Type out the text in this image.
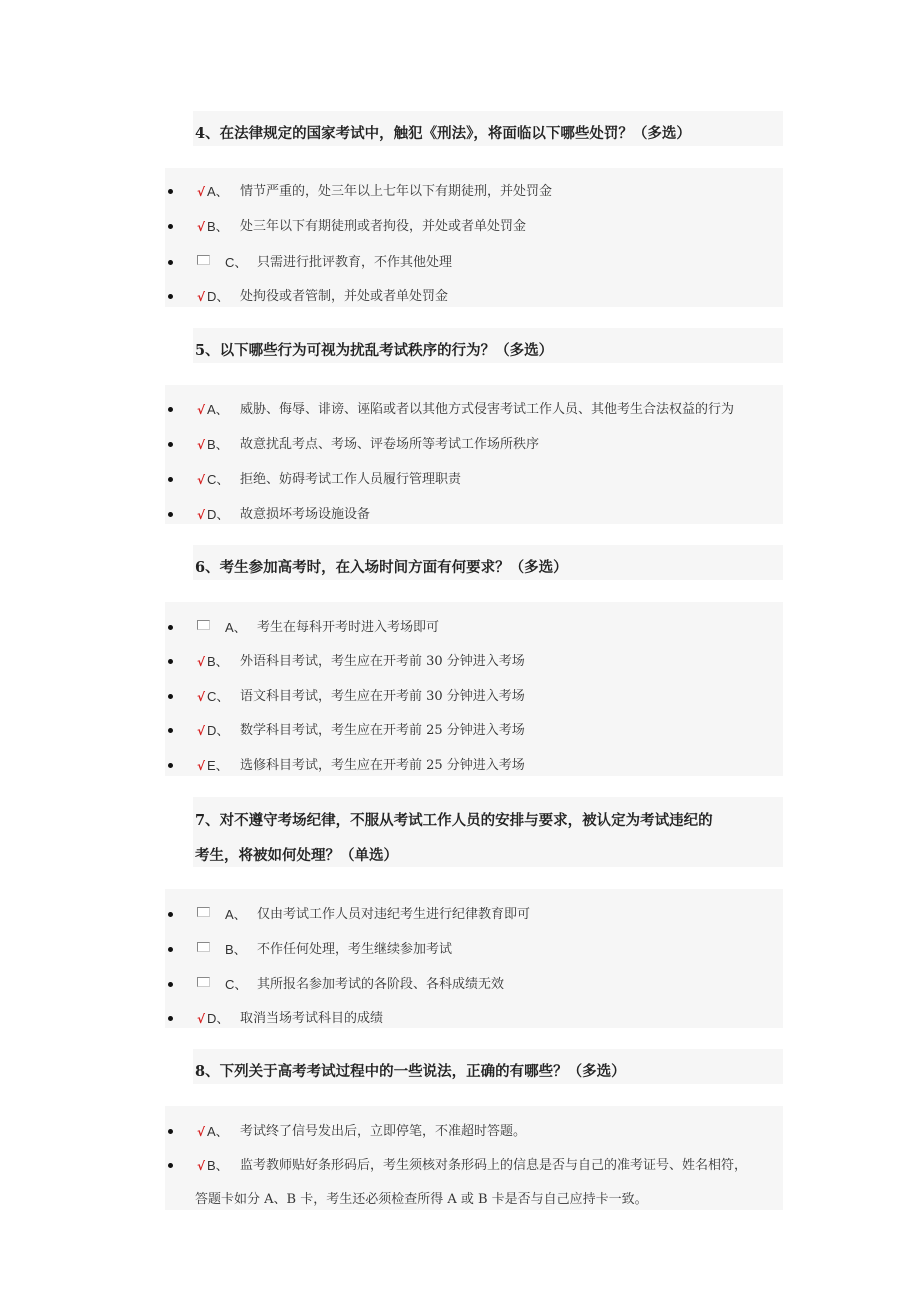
4、在法律规定的国家考试中，触犯《刑法》，将面临以下哪些处罚？（多选）
√ A、 情节严重的，处三年以上七年以下有期徒刑，并处罚金
√ B、 处三年以下有期徒刑或者拘役，并处或者单处罚金
C、 只需进行批评教育，不作其他处理
√ D、 处拘役或者管制，并处或者单处罚金
5、以下哪些行为可视为扰乱考试秩序的行为？（多选）
√ A、 威胁、侮辱、诽谤、诬陷或者以其他方式侵害考试工作人员、其他考生合法权益的行为
√ B、 故意扰乱考点、考场、评卷场所等考试工作场所秩序
√ C、 拒绝、妨碍考试工作人员履行管理职责
√ D、 故意损坏考场设施设备
6、考生参加高考时，在入场时间方面有何要求？（多选）
A、 考生在每科开考时进入考场即可
√ B、 外语科目考试，考生应在开考前 30 分钟进入考场
√ C、 语文科目考试，考生应在开考前 30 分钟进入考场
√ D、 数学科目考试，考生应在开考前 25 分钟进入考场
√ E、 选修科目考试，考生应在开考前 25 分钟进入考场
7、对不遵守考场纪律，不服从考试工作人员的安排与要求，被认定为考试违纪的
考生，将被如何处理？（单选）
A、 仅由考试工作人员对违纪考生进行纪律教育即可
B、 不作任何处理，考生继续参加考试
C、 其所报名参加考试的各阶段、各科成绩无效
√ D、 取消当场考试科目的成绩
8、下列关于高考考试过程中的一些说法，正确的有哪些？（多选）
√ A、 考试终了信号发出后，立即停笔，不准超时答题。
√ B、 监考教师贴好条形码后，考生须核对条形码上的信息是否与自己的准考证号、姓名相符，
答题卡如分 A、B 卡，考生还必须检查所得 A 或 B 卡是否与自己应持卡一致。
